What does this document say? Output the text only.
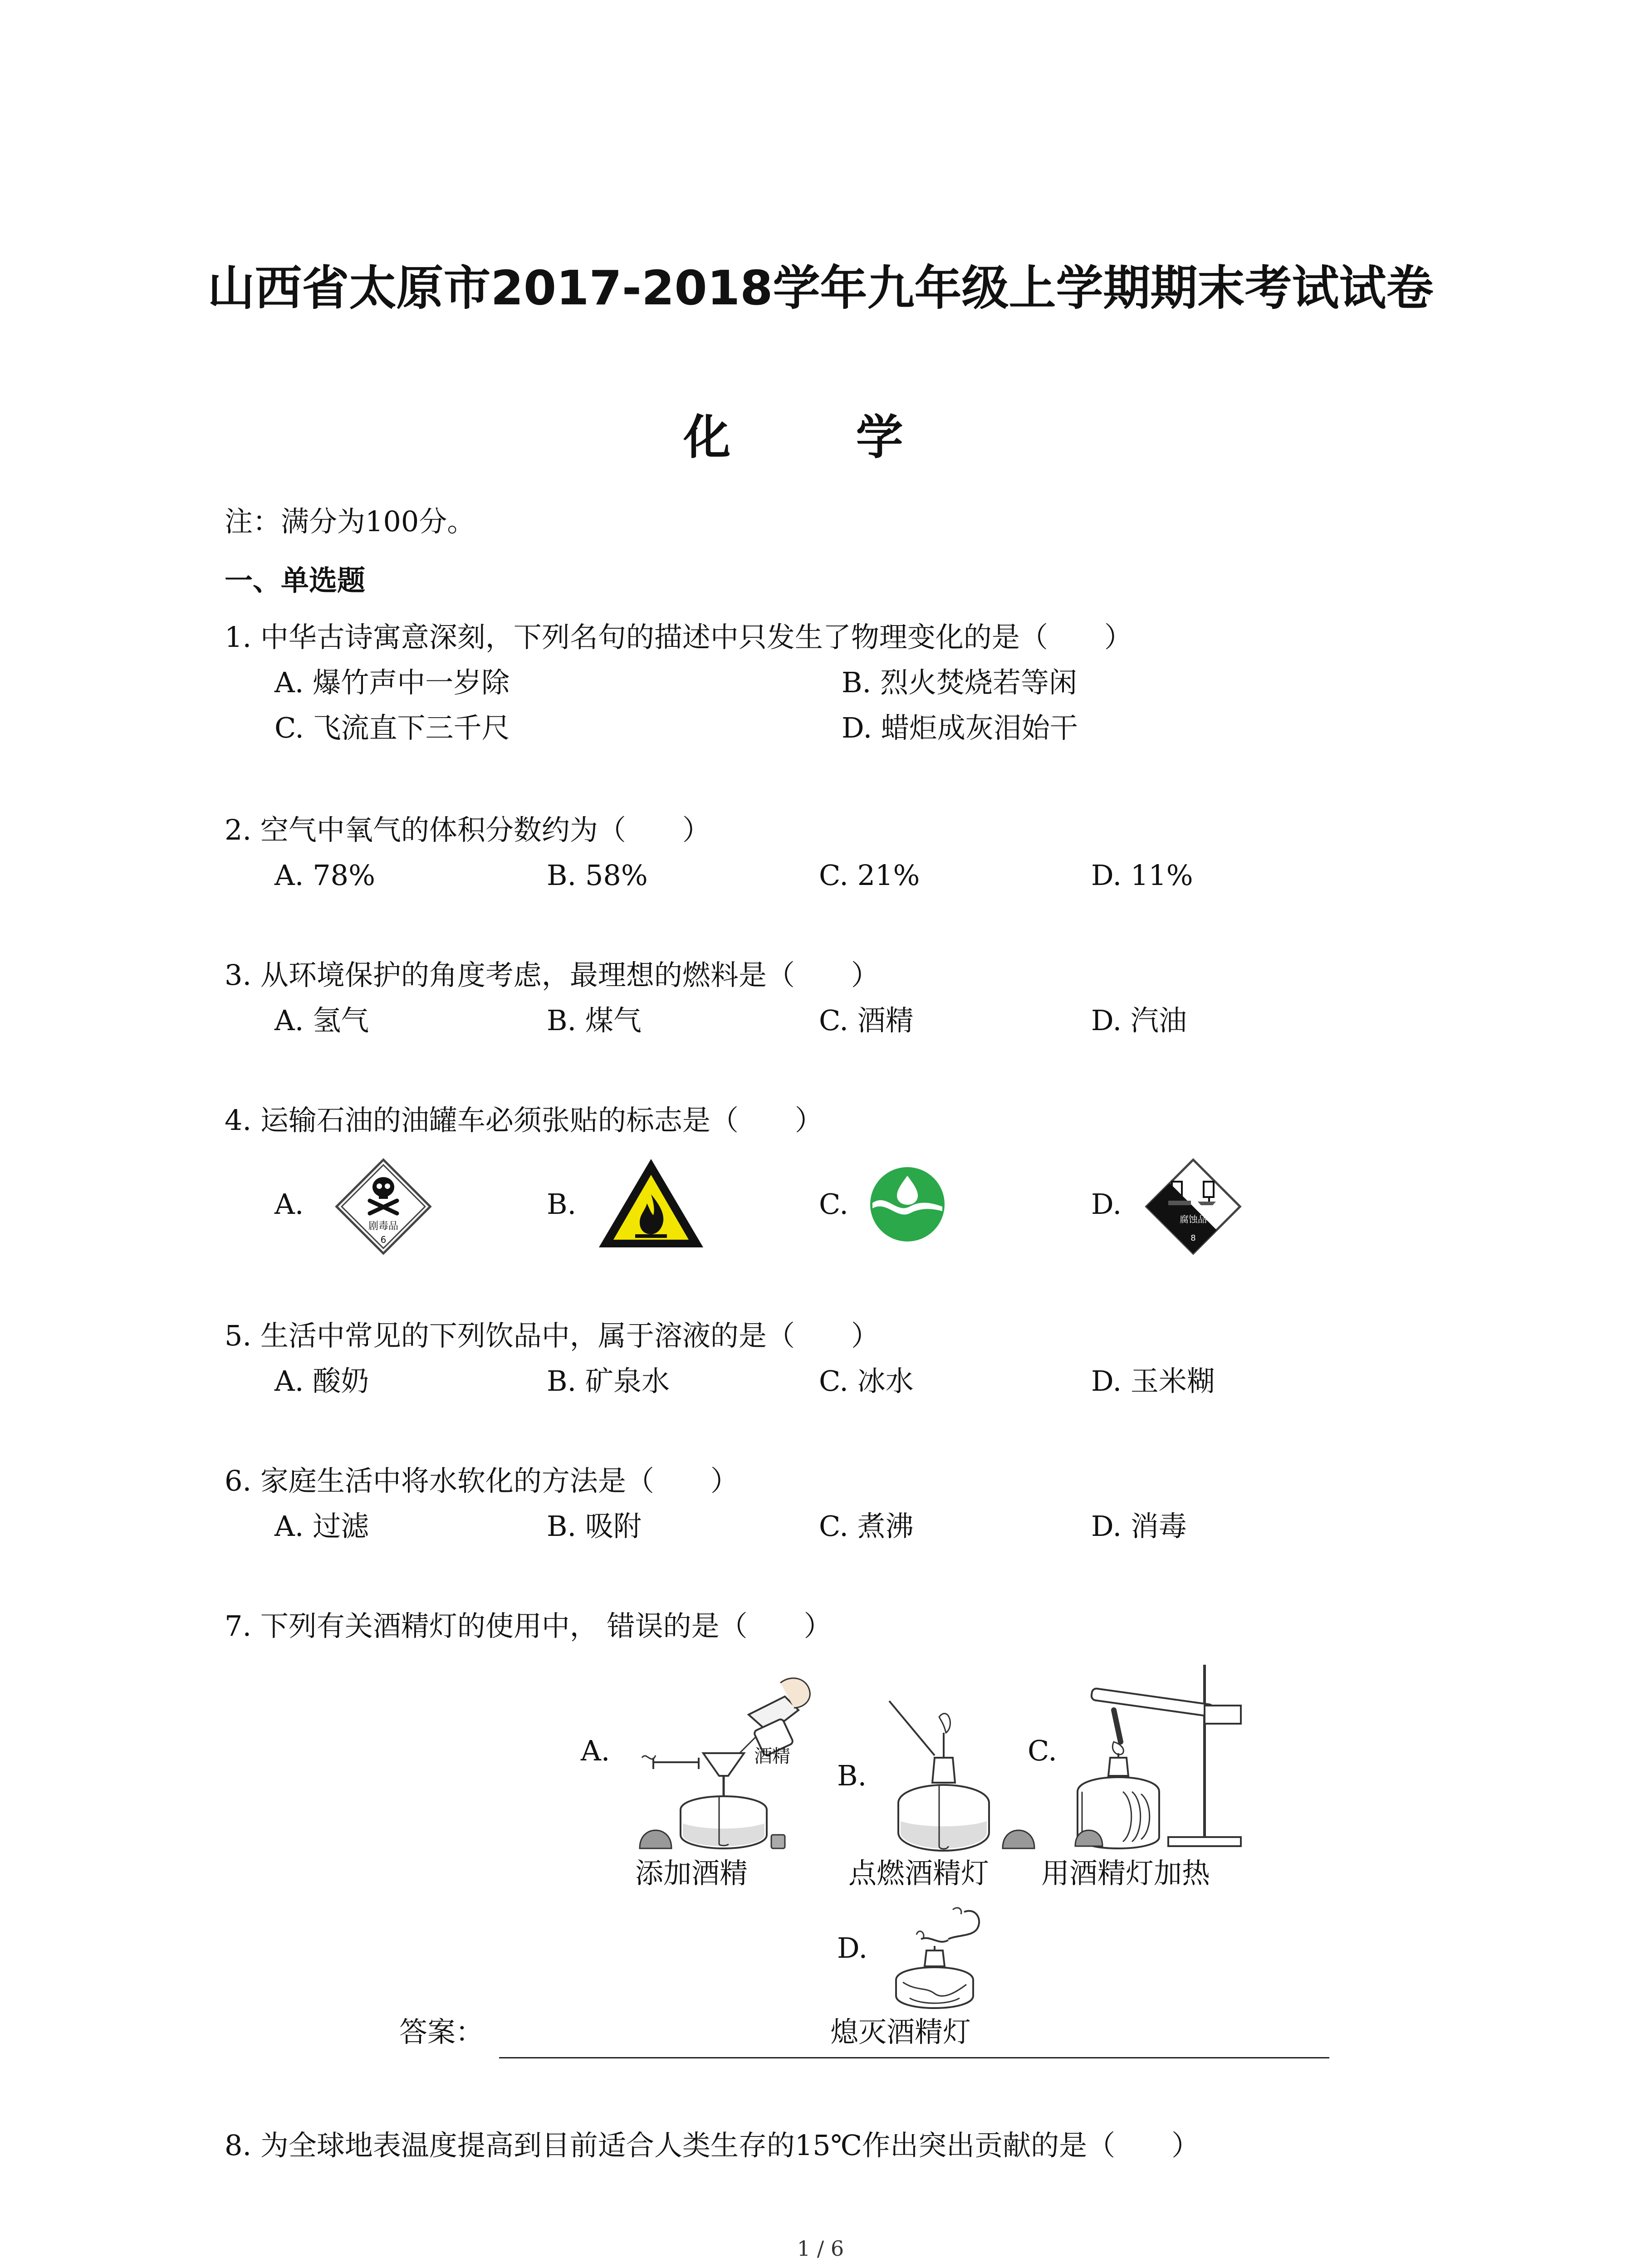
山西省太原市2017-2018学年九年级上学期期末考试试卷
化 学
注：满分为100分。
一、单选题
1. 中华古诗寓意深刻，下列名句的描述中只发生了物理变化的是（　　）
A. 爆竹声中一岁除	B. 烈火焚烧若等闲
C. 飞流直下三千尺	D. 蜡炬成灰泪始干
2. 空气中氧气的体积分数约为（　　）
A. 78%	B. 58%	C. 21%	D. 11%
3. 从环境保护的角度考虑，最理想的燃料是（　　）
A. 氢气	B. 煤气	C. 酒精	D. 汽油
4. 运输石油的油罐车必须张贴的标志是（　　）
A.	B.	C.	D.
剧毒品
6
腐蚀品
8
5. 生活中常见的下列饮品中，属于溶液的是（　　）
A. 酸奶	B. 矿泉水	C. 冰水	D. 玉米糊
6. 家庭生活中将水软化的方法是（　　）
A. 过滤	B. 吸附	C. 煮沸	D. 消毒
7. 下列有关酒精灯的使用中， 错误的是（　　）
A.	酒精
添加酒精
B.
点燃酒精灯
C.
用酒精灯加热
D.
答案：	熄灭酒精灯
8. 为全球地表温度提高到目前适合人类生存的15℃作出突出贡献的是（　　）
1 / 6
